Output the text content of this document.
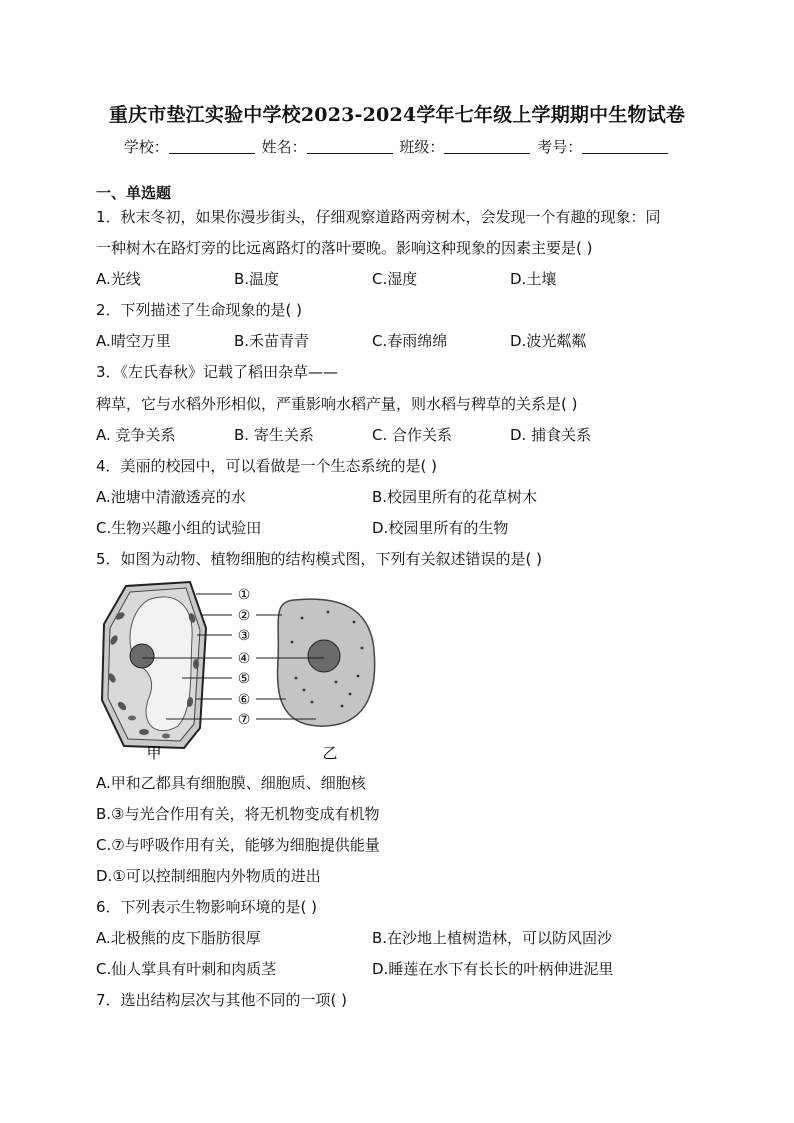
重庆市垫江实验中学校2023-2024学年七年级上学期期中生物试卷
学校：	姓名：	班级：	考号：
一、单选题
1．秋末冬初，如果你漫步街头，仔细观察道路两旁树木，会发现一个有趣的现象：同
一种树木在路灯旁的比远离路灯的落叶要晚。影响这种现象的因素主要是( )
A.光线	B.温度	C.湿度	D.土壤
2．下列描述了生命现象的是( )
A.晴空万里	B.禾苗青青	C.春雨绵绵	D.波光粼粼
3．《左氏春秋》记载了稻田杂草——
稗草，它与水稻外形相似，严重影响水稻产量，则水稻与稗草的关系是( )
A. 竞争关系	B. 寄生关系	C. 合作关系	D. 捕食关系
4．美丽的校园中，可以看做是一个生态系统的是( )
A.池塘中清澈透亮的水	B.校园里所有的花草树木
C.生物兴趣小组的试验田	D.校园里所有的生物
5．如图为动物、植物细胞的结构模式图，下列有关叙述错误的是( )
①
②
③
④
⑤
⑥
⑦
甲	乙
A.甲和乙都具有细胞膜、细胞质、细胞核
B.③与光合作用有关，将无机物变成有机物
C.⑦与呼吸作用有关，能够为细胞提供能量
D.①可以控制细胞内外物质的进出
6．下列表示生物影响环境的是( )
A.北极熊的皮下脂肪很厚	B.在沙地上植树造林，可以防风固沙
C.仙人掌具有叶刺和肉质茎	D.睡莲在水下有长长的叶柄伸进泥里
7．选出结构层次与其他不同的一项( )
